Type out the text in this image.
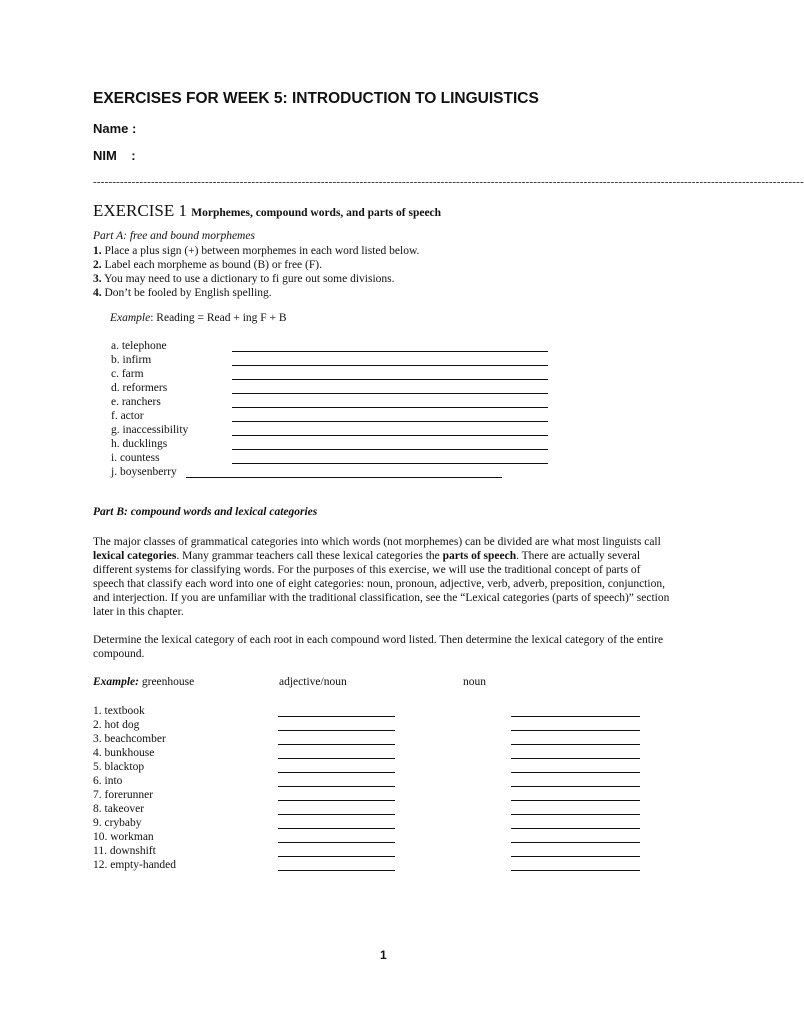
EXERCISES FOR WEEK 5: INTRODUCTION TO LINGUISTICS
Name :
NIM    :
----------------------------------------------------------------------------------------------------------------------------------------------------------------------------------------
EXERCISE 1 Morphemes, compound words, and parts of speech
Part A: free and bound morphemes
1. Place a plus sign (+) between morphemes in each word listed below.
2. Label each morpheme as bound (B) or free (F).
3. You may need to use a dictionary to fi gure out some divisions.
4. Don’t be fooled by English spelling.
Example: Reading = Read + ing F + B
a. telephone
b. infirm
c. farm
d. reformers
e. ranchers
f. actor
g. inaccessibility
h. ducklings
i. countess
j. boysenberry
Part B: compound words and lexical categories
The major classes of grammatical categories into which words (not morphemes) can be divided are what most linguists call lexical categories. Many grammar teachers call these lexical categories the parts of speech. There are actually several different systems for classifying words. For the purposes of this exercise, we will use the traditional concept of parts of speech that classify each word into one of eight categories: noun, pronoun, adjective, verb, adverb, preposition, conjunction, and interjection. If you are unfamiliar with the traditional classification, see the “Lexical categories (parts of speech)” section later in this chapter.
Determine the lexical category of each root in each compound word listed. Then determine the lexical category of the entire compound.
Example: greenhouse	adjective/noun	noun
1. textbook
2. hot dog
3. beachcomber
4. bunkhouse
5. blacktop
6. into
7. forerunner
8. takeover
9. crybaby
10. workman
11. downshift
12. empty-handed
1
